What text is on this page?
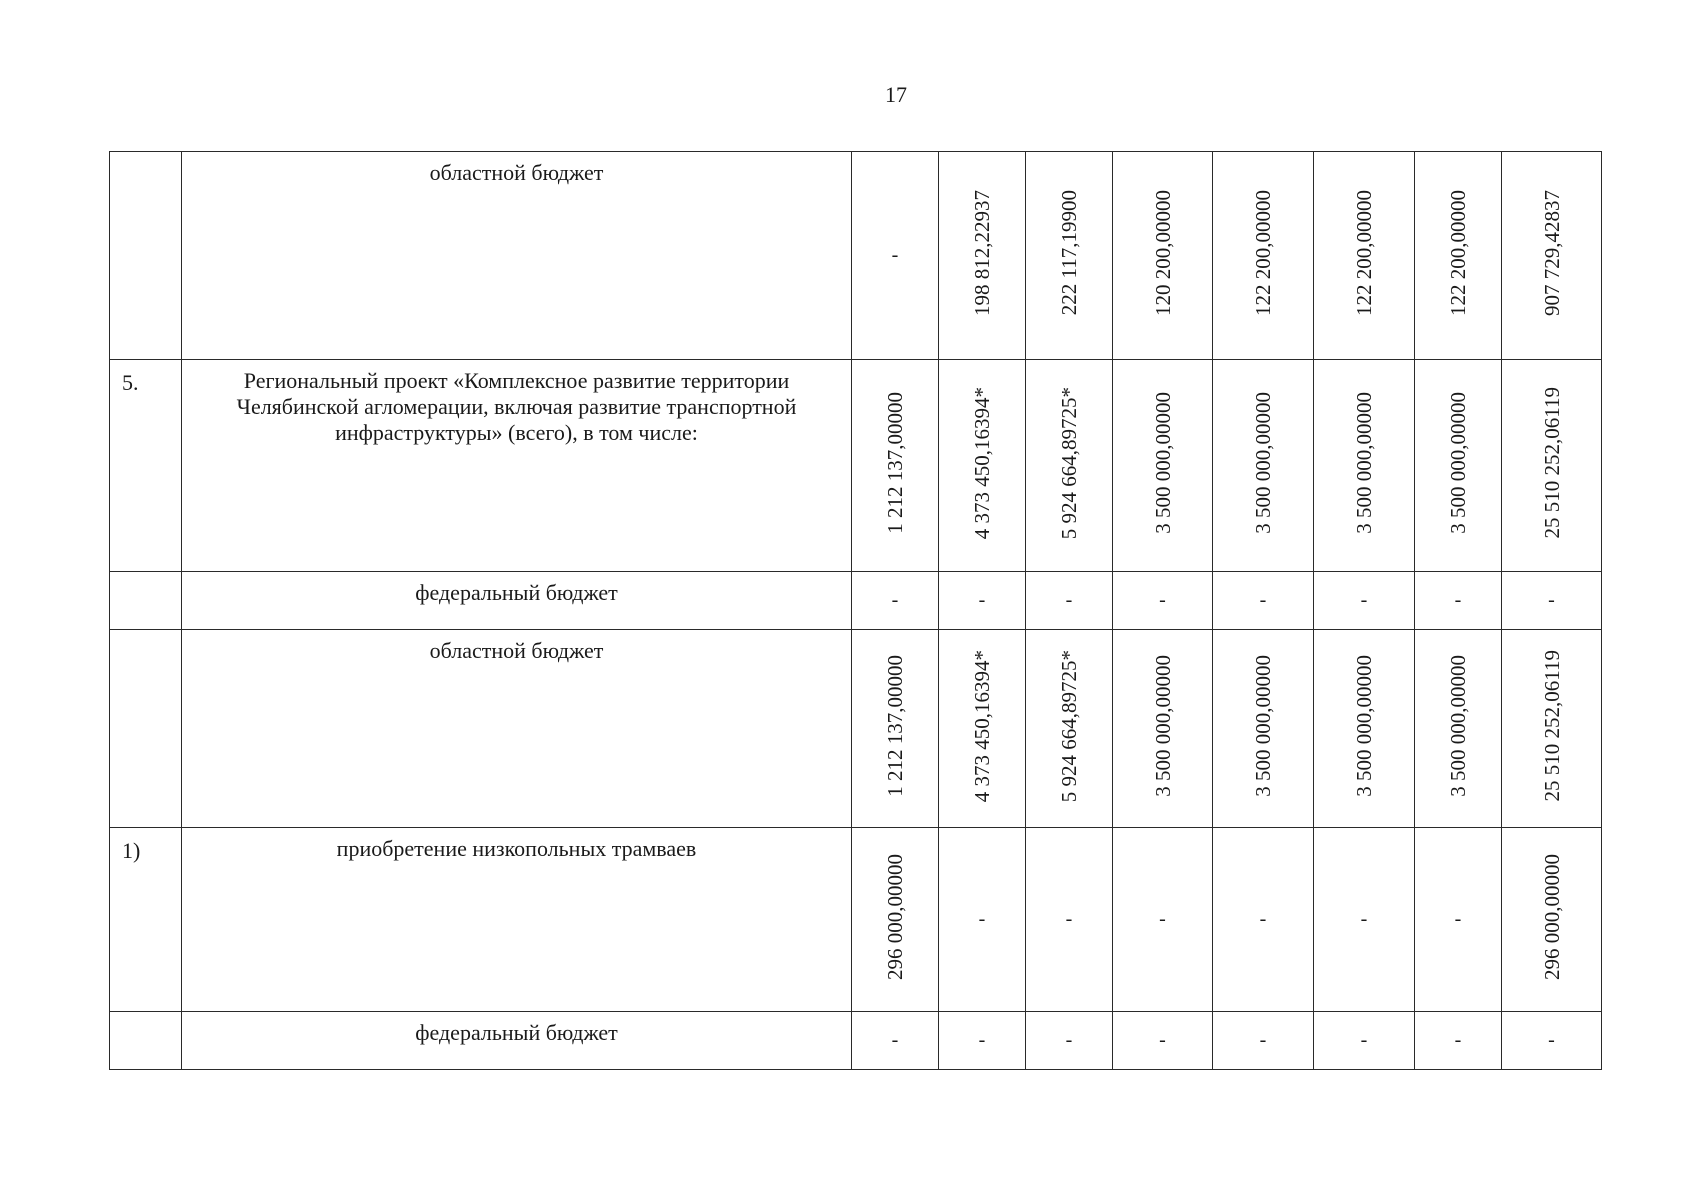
17
	областной бюджет	-	198 812,22937	222 117,19900	120 200,00000	122 200,00000	122 200,00000	122 200,00000	907 729,42837
5.	Региональный проект «Комплексное развитие территории Челябинской агломерации, включая развитие транспортной инфраструктуры» (всего), в том числе:	1 212 137,00000	4 373 450,16394*	5 924 664,89725*	3 500 000,00000	3 500 000,00000	3 500 000,00000	3 500 000,00000	25 510 252,06119
	федеральный бюджет	-	-	-	-	-	-	-	-
	областной бюджет	1 212 137,00000	4 373 450,16394*	5 924 664,89725*	3 500 000,00000	3 500 000,00000	3 500 000,00000	3 500 000,00000	25 510 252,06119
1)	приобретение низкопольных трамваев	296 000,00000	-	-	-	-	-	-	296 000,00000
	федеральный бюджет	-	-	-	-	-	-	-	-
